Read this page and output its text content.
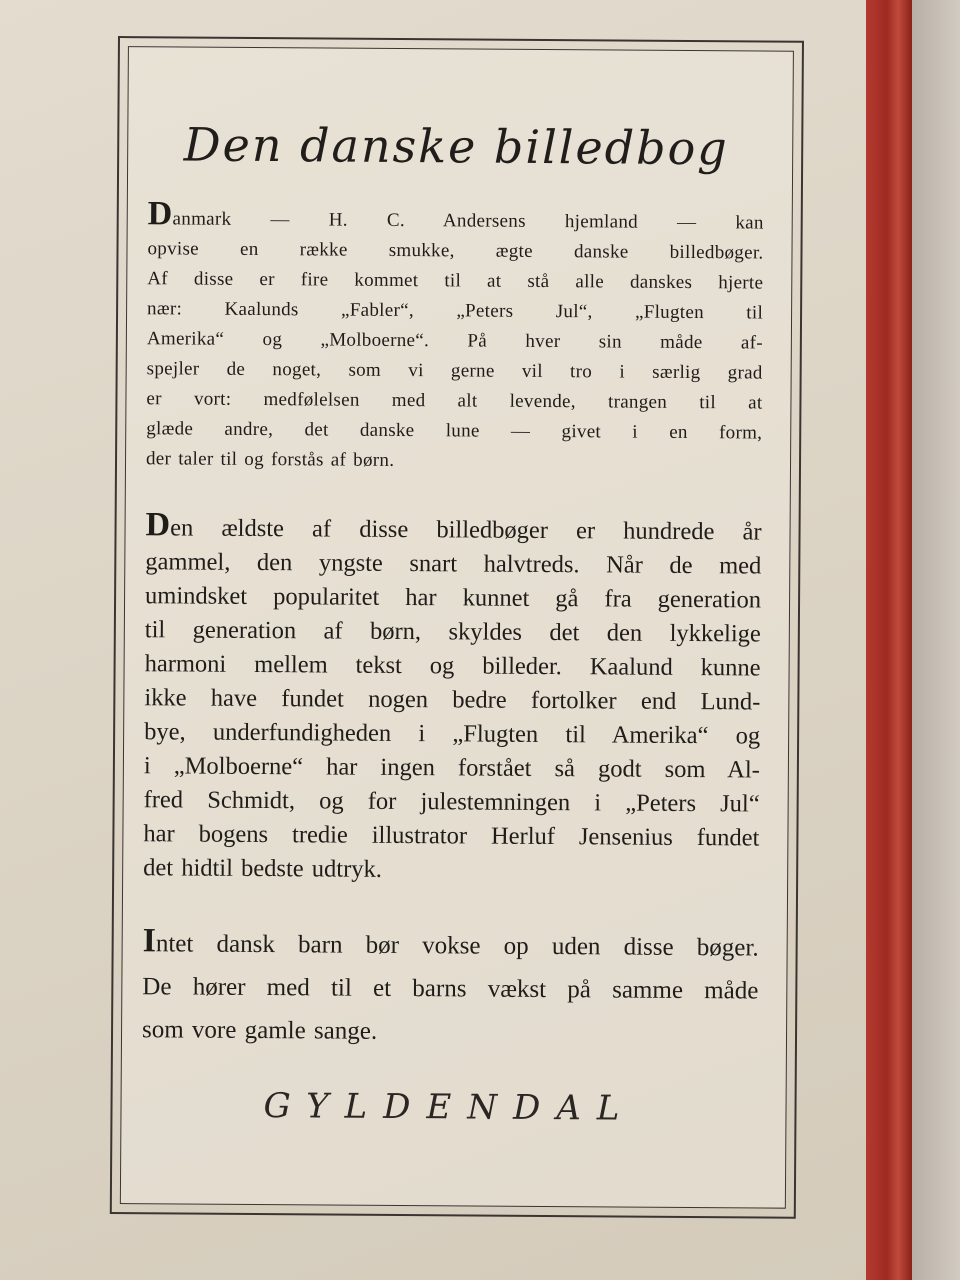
Den danske billedbog
Danmark — H. C. Andersens hjemland — kan
opvise en række smukke, ægte danske billedbøger.
Af disse er fire kommet til at stå alle danskes hjerte
nær: Kaalunds „Fabler“, „Peters Jul“, „Flugten til
Amerika“ og „Molboerne“. På hver sin måde af-
spejler de noget, som vi gerne vil tro i særlig grad
er vort: medfølelsen med alt levende, trangen til at
glæde andre, det danske lune — givet i en form,
der taler til og forstås af børn.
Den ældste af disse billedbøger er hundrede år
gammel, den yngste snart halvtreds. Når de med
umindsket popularitet har kunnet gå fra generation
til generation af børn, skyldes det den lykkelige
harmoni mellem tekst og billeder. Kaalund kunne
ikke have fundet nogen bedre fortolker end Lund-
bye, underfundigheden i „Flugten til Amerika“ og
i „Molboerne“ har ingen forstået så godt som Al-
fred Schmidt, og for julestemningen i „Peters Jul“
har bogens tredie illustrator Herluf Jensenius fundet
det hidtil bedste udtryk.
Intet dansk barn bør vokse op uden disse bøger.
De hører med til et barns vækst på samme måde
som vore gamle sange.
GYLDENDAL
